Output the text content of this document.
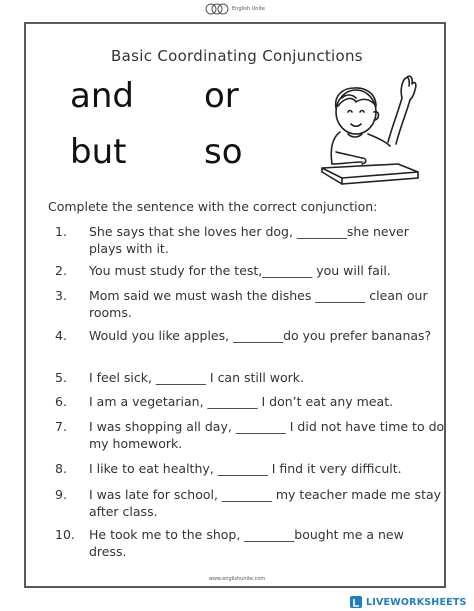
English Unite
Basic Coordinating Conjunctions
and or
but so
Complete the sentence with the correct conjunction:
1.	She says that she loves her dog, ________she never plays with it.
2.	You must study for the test,________ you will fail.
3.	Mom said we must wash the dishes ________ clean our rooms.
4.	Would you like apples, ________do you prefer bananas?
5.	I feel sick, ________ I can still work.
6.	I am a vegetarian, ________ I don’t eat any meat.
7.	I was shopping all day, ________ I did not have time to do my homework.
8.	I like to eat healthy, ________ I find it very difficult.
9.	I was late for school, ________ my teacher made me stay after class.
10. He took me to the shop, ________bought me a new dress.
www.englishunite.com
LIVEWORKSHEETS
